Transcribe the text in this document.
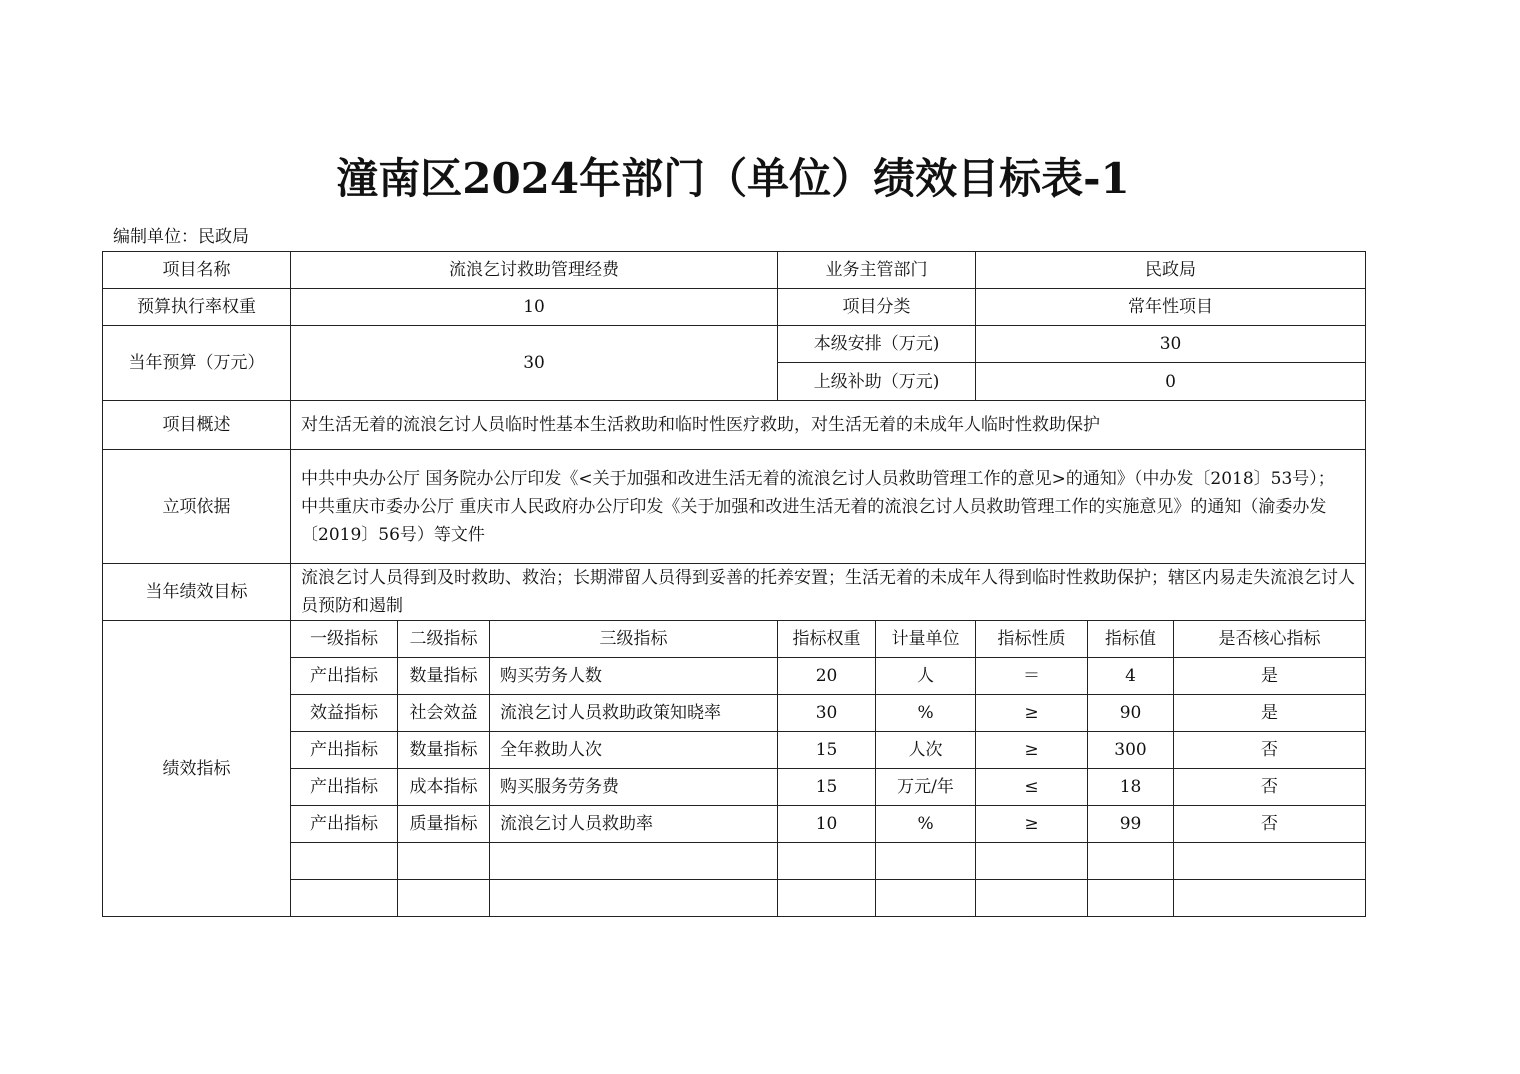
潼南区2024年部门（单位）绩效目标表-1
编制单位：民政局
项目名称	流浪乞讨救助管理经费			业务主管部门		民政局		
预算执行率权重	10			项目分类		常年性项目		
当年预算（万元）	30			本级安排（万元)		30		
				上级补助（万元)		0		
项目概述	对生活无着的流浪乞讨人员临时性基本生活救助和临时性医疗救助，对生活无着的未成年人临时性救助保护							
立项依据	中共中央办公厅 国务院办公厅印发《<关于加强和改进生活无着的流浪乞讨人员救助管理工作的意见>的通知》（中办发〔2018〕53号）；
中共重庆市委办公厅 重庆市人民政府办公厅印发《关于加强和改进生活无着的流浪乞讨人员救助管理工作的实施意见》的通知（渝委办发〔2019〕56号）等文件							

当年绩效目标	流浪乞讨人员得到及时救助、救治；长期滞留人员得到妥善的托养安置；生活无着的未成年人得到临时性救助保护；辖区内易走失流浪乞讨人员预防和遏制							
绩效指标	一级指标	二级指标	三级指标	指标权重	计量单位	指标性质	指标值	是否核心指标
	产出指标	数量指标	购买劳务人数	20	人	＝	4	是
	效益指标	社会效益	流浪乞讨人员救助政策知晓率	30	%	≥	90	是
	产出指标	数量指标	全年救助人次	15	人次	≥	300	否
	产出指标	成本指标	购买服务劳务费	15	万元/年	≤	18	否
	产出指标	质量指标	流浪乞讨人员救助率	10	%	≥	99	否
